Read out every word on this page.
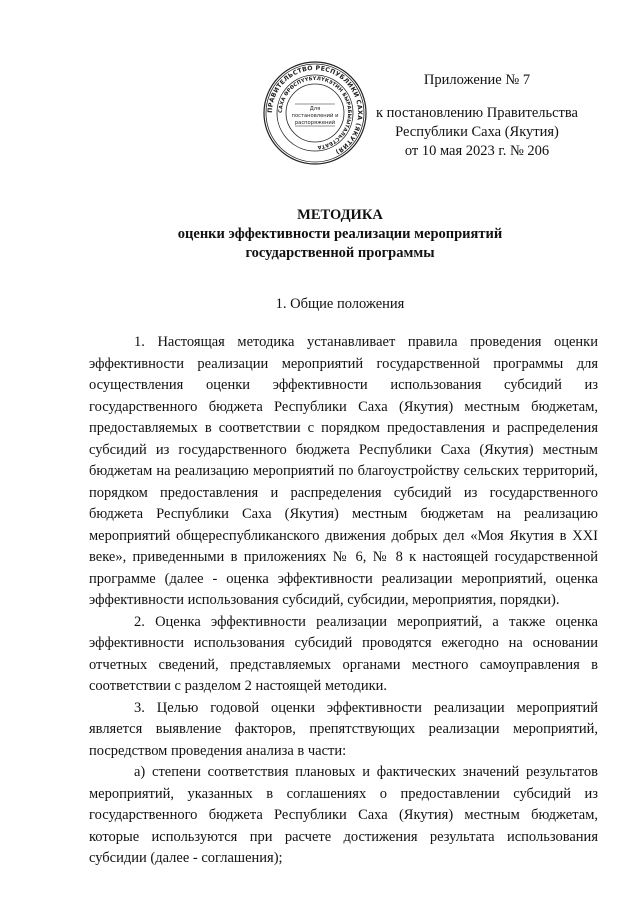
ПРАВИТЕЛЬСТВО РЕСПУБЛИКИ САХА (ЯКУТИЯ)
САХА ӨРӨСПҮҮБҮЛҮКЭТИН БЫРАБЫЫТАЛЬСТБАТА
Для
постановлений и
распоряжений
Приложение № 7
к постановлению Правительства
Республики Саха (Якутия)
от 10 мая 2023 г. № 206
МЕТОДИКА
оценки эффективности реализации мероприятий
государственной программы
1. Общие положения

1. Настоящая методика устанавливает правила проведения оценки эффективности реализации мероприятий государственной программы для осуществления оценки эффективности использования субсидий из государственного бюджета Республики Саха (Якутия) местным бюджетам, предоставляемых в соответствии с порядком предоставления и распределения субсидий из государственного бюджета Республики Саха (Якутия) местным бюджетам на реализацию мероприятий по благоустройству сельских территорий, порядком предоставления и распределения субсидий из государственного бюджета Республики Саха (Якутия) местным бюджетам на реализацию мероприятий общереспубликанского движения добрых дел «Моя Якутия в XXI веке», приведенными в приложениях № 6, № 8 к настоящей государственной программе (далее - оценка эффективности реализации мероприятий, оценка эффективности использования субсидий, субсидии, мероприятия, порядки).

2. Оценка эффективности реализации мероприятий, а также оценка эффективности использования субсидий проводятся ежегодно на основании отчетных сведений, представляемых органами местного самоуправления в соответствии с разделом 2 настоящей методики.

3. Целью годовой оценки эффективности реализации мероприятий является выявление факторов, препятствующих реализации мероприятий, посредством проведения анализа в части:

а) степени соответствия плановых и фактических значений результатов мероприятий, указанных в соглашениях о предоставлении субсидий из государственного бюджета Республики Саха (Якутия) местным бюджетам, которые используются при расчете достижения результата использования субсидии (далее - соглашения);
